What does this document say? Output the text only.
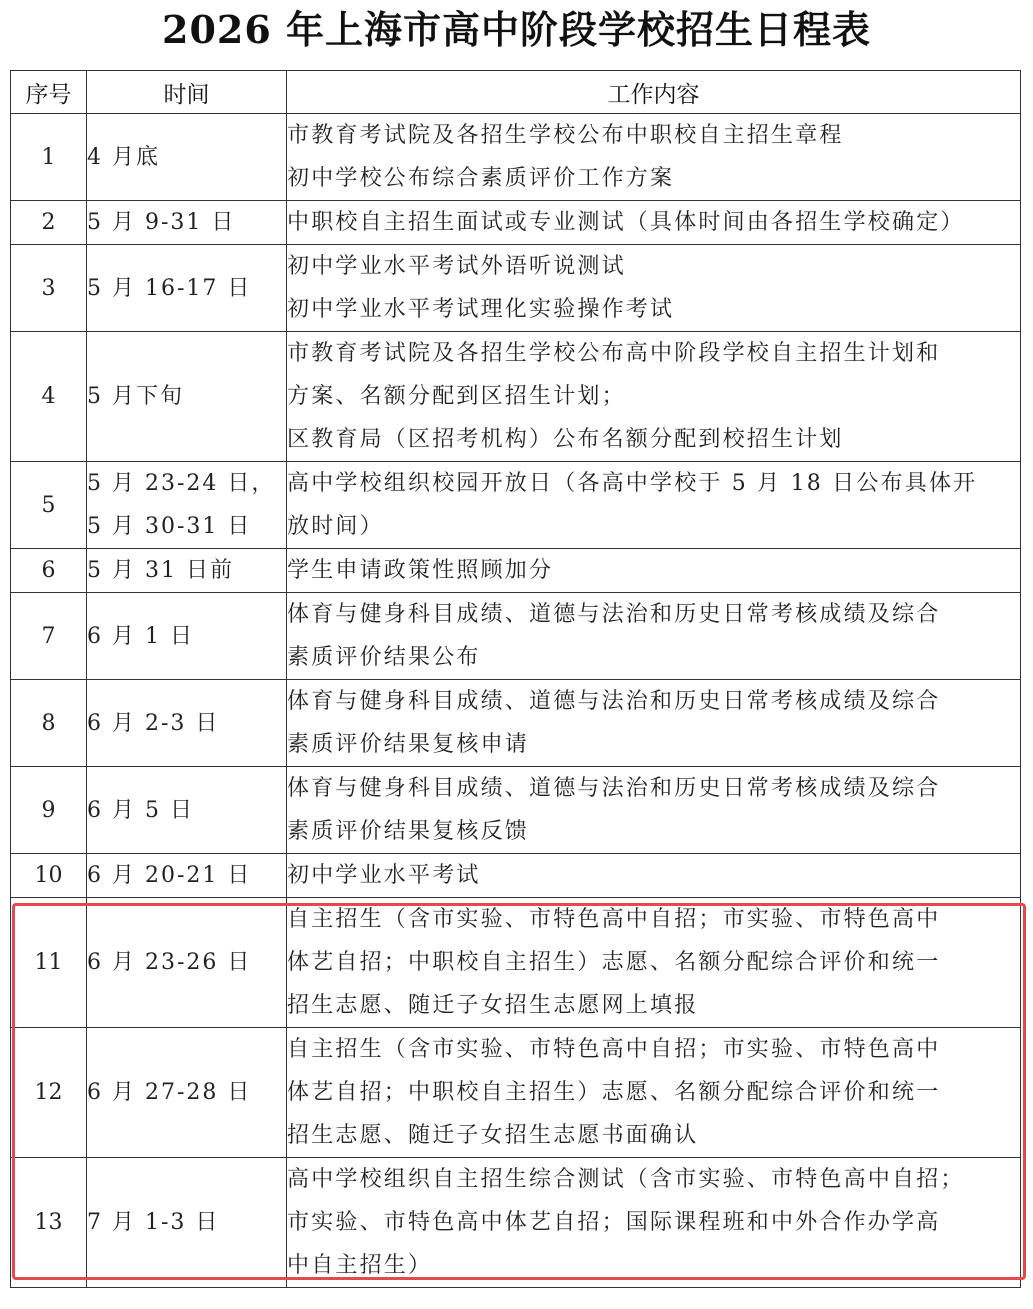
2026 年上海市高中阶段学校招生日程表
序号	时间	工作内容
1	4 月底	市教育考试院及各招生学校公布中职校自主招生章程
初中学校公布综合素质评价工作方案

2	5 月 9-31 日	中职校自主招生面试或专业测试（具体时间由各招生学校确定）

3	5 月 16-17 日	初中学业水平考试外语听说测试
初中学业水平考试理化实验操作考试

4	5 月下旬	市教育考试院及各招生学校公布高中阶段学校自主招生计划和
方案、名额分配到区招生计划；
区教育局（区招考机构）公布名额分配到校招生计划

5	5 月 23-24 日，
5 月 30-31 日	高中学校组织校园开放日（各高中学校于 5 月 18 日公布具体开
放时间）

6	5 月 31 日前	学生申请政策性照顾加分

7	6 月 1 日	体育与健身科目成绩、道德与法治和历史日常考核成绩及综合
素质评价结果公布

8	6 月 2-3 日	体育与健身科目成绩、道德与法治和历史日常考核成绩及综合
素质评价结果复核申请

9	6 月 5 日	体育与健身科目成绩、道德与法治和历史日常考核成绩及综合
素质评价结果复核反馈

10	6 月 20-21 日	初中学业水平考试

11	6 月 23-26 日	自主招生（含市实验、市特色高中自招；市实验、市特色高中
体艺自招；中职校自主招生）志愿、名额分配综合评价和统一
招生志愿、随迁子女招生志愿网上填报

12	6 月 27-28 日	自主招生（含市实验、市特色高中自招；市实验、市特色高中
体艺自招；中职校自主招生）志愿、名额分配综合评价和统一
招生志愿、随迁子女招生志愿书面确认

13	7 月 1-3 日	高中学校组织自主招生综合测试（含市实验、市特色高中自招；
市实验、市特色高中体艺自招；国际课程班和中外合作办学高
中自主招生）
